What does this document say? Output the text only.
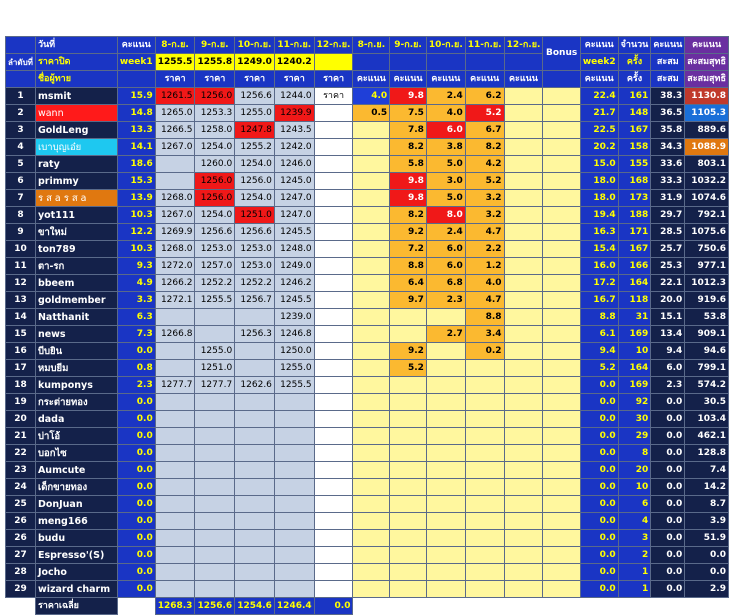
	วันที่	คะแนน	8-ก.ย.	9-ก.ย.	10-ก.ย.	11-ก.ย.	12-ก.ย.	8-ก.ย.	9-ก.ย.	10-ก.ย.	11-ก.ย.	12-ก.ย.	Bonus	คะแนน	จำนวน	คะแนน	คะแนน
ลำดับที่	ราคาปิด	week1	1255.5	1255.8	1249.0	1240.2								week2	ครั้ง	สะสม	สะสมสุทธิ
	ชื่อผู้ทาย		ราคา	ราคา	ราคา	ราคา	ราคา	คะแนน	คะแนน	คะแนน	คะแนน	คะแนน		คะแนน	ครั้ง	สะสม	สะสมสุทธิ
1	msmit	15.9	1261.5	1256.0	1256.6	1244.0	ราคา	4.0	9.8	2.4	6.2			22.4	161	38.3	1130.8
2	wann	14.8	1265.0	1253.3	1255.0	1239.9		0.5	7.5	4.0	5.2			21.7	148	36.5	1105.3
3	GoldLeng	13.3	1266.5	1258.0	1247.8	1243.5			7.8	6.0	6.7			22.5	167	35.8	889.6
4	เบาบุญเอ๋ย	14.1	1267.0	1254.0	1255.2	1242.0			8.2	3.8	8.2			20.2	158	34.3	1088.9
5	raty	18.6		1260.0	1254.0	1246.0			5.8	5.0	4.2			15.0	155	33.6	803.1
6	primmy	15.3		1256.0	1256.0	1245.0			9.8	3.0	5.2			18.0	168	33.3	1032.2
7	ร ส a ร ส a	13.9	1268.0	1256.0	1254.0	1247.0			9.8	5.0	3.2			18.0	173	31.9	1074.6
8	yot111	10.3	1267.0	1254.0	1251.0	1247.0			8.2	8.0	3.2			19.4	188	29.7	792.1
9	ขาใหม่	12.2	1269.9	1256.6	1256.6	1245.5			9.2	2.4	4.7			16.3	171	28.5	1075.6
10	ton789	10.3	1268.0	1253.0	1253.0	1248.0			7.2	6.0	2.2			15.4	167	25.7	750.6
11	ตา-รก	9.3	1272.0	1257.0	1253.0	1249.0			8.8	6.0	1.2			16.0	166	25.3	977.1
12	bbeem	4.9	1266.2	1252.2	1252.2	1246.2			6.4	6.8	4.0			17.2	164	22.1	1012.3
13	goldmember	3.3	1272.1	1255.5	1256.7	1245.5			9.7	2.3	4.7			16.7	118	20.0	919.6
14	Natthanit	6.3				1239.0					8.8			8.8	31	15.1	53.8
15	news	7.3	1266.8		1256.3	1246.8				2.7	3.4			6.1	169	13.4	909.1
16	บีบยิน	0.0		1255.0		1250.0			9.2		0.2			9.4	10	9.4	94.6
17	หมบยีม	0.8		1251.0		1255.0			5.2					5.2	164	6.0	799.1
18	kumponys	2.3	1277.7	1277.7	1262.6	1255.5								0.0	169	2.3	574.2
19	กระต่ายทอง	0.0												0.0	92	0.0	30.5
20	dada	0.0												0.0	30	0.0	103.4
21	บ่าโอ้	0.0												0.0	29	0.0	462.1
22	บอกไซ	0.0												0.0	8	0.0	128.8
23	Aumcute	0.0												0.0	20	0.0	7.4
24	เด็กขายทอง	0.0												0.0	10	0.0	14.2
25	DonJuan	0.0												0.0	6	0.0	8.7
26	meng166	0.0												0.0	4	0.0	3.9
26	budu	0.0												0.0	3	0.0	51.9
27	Espresso'(S)	0.0												0.0	2	0.0	0.0
28	Jocho	0.0												0.0	1	0.0	0.0
29	wizard charm	0.0												0.0	1	0.0	2.9
	ราคาเฉลี่ย		1268.3	1256.6	1254.6	1246.4	0.0										
